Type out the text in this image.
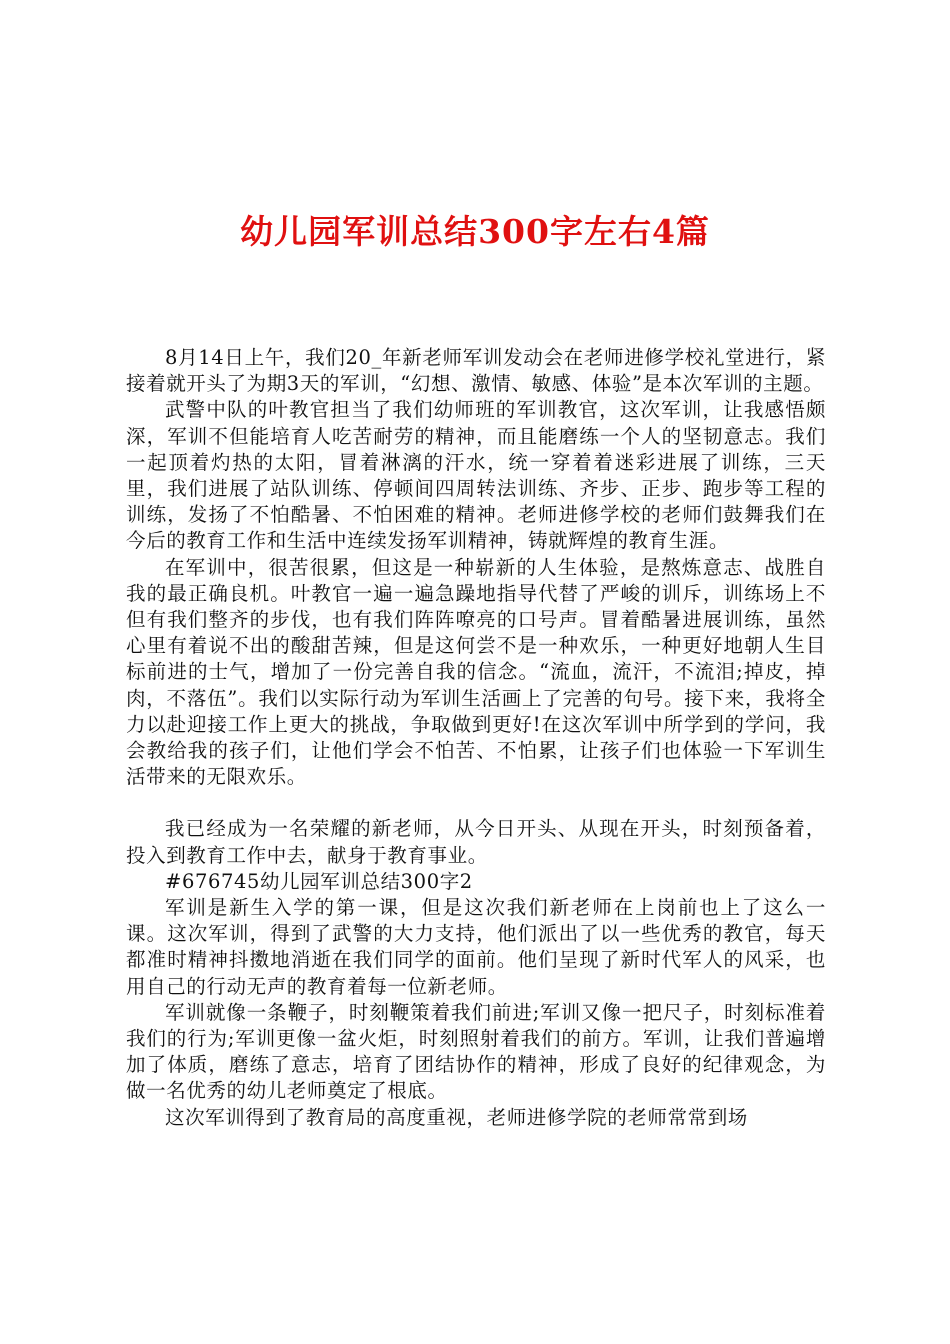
幼儿园军训总结300字左右4篇

8月14日上午，我们20_年新老师军训发动会在老师进修学校礼堂进行，紧接着就开头了为期3天的军训，“幻想、激情、敏感、体验”是本次军训的主题。

武警中队的叶教官担当了我们幼师班的军训教官，这次军训，让我感悟颇深，军训不但能培育人吃苦耐劳的精神，而且能磨练一个人的坚韧意志。我们一起顶着灼热的太阳，冒着淋漓的汗水，统一穿着着迷彩进展了训练，三天里，我们进展了站队训练、停顿间四周转法训练、齐步、正步、跑步等工程的训练，发扬了不怕酷暑、不怕困难的精神。老师进修学校的老师们鼓舞我们在今后的教育工作和生活中连续发扬军训精神，铸就辉煌的教育生涯。

在军训中，很苦很累，但这是一种崭新的人生体验，是熬炼意志、战胜自我的最正确良机。叶教官一遍一遍急躁地指导代替了严峻的训斥，训练场上不但有我们整齐的步伐，也有我们阵阵嘹亮的口号声。冒着酷暑进展训练，虽然心里有着说不出的酸甜苦辣，但是这何尝不是一种欢乐，一种更好地朝人生目标前进的士气，增加了一份完善自我的信念。“流血，流汗，不流泪;掉皮，掉肉，不落伍”。我们以实际行动为军训生活画上了完善的句号。接下来，我将全力以赴迎接工作上更大的挑战，争取做到更好!在这次军训中所学到的学问，我会教给我的孩子们，让他们学会不怕苦、不怕累，让孩子们也体验一下军训生活带来的无限欢乐。

我已经成为一名荣耀的新老师，从今日开头、从现在开头，时刻预备着，投入到教育工作中去，献身于教育事业。

#676745幼儿园军训总结300字2

军训是新生入学的第一课，但是这次我们新老师在上岗前也上了这么一课。这次军训，得到了武警的大力支持，他们派出了以一些优秀的教官，每天都准时精神抖擞地消逝在我们同学的面前。他们呈现了新时代军人的风采，也用自己的行动无声的教育着每一位新老师。

军训就像一条鞭子，时刻鞭策着我们前进;军训又像一把尺子，时刻标准着我们的行为;军训更像一盆火炬，时刻照射着我们的前方。军训，让我们普遍增加了体质，磨练了意志，培育了团结协作的精神，形成了良好的纪律观念，为做一名优秀的幼儿老师奠定了根底。

这次军训得到了教育局的高度重视，老师进修学院的老师常常到场
